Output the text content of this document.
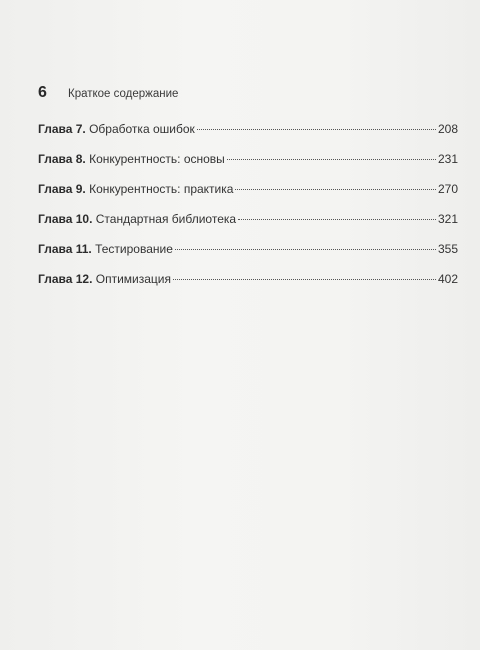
6	Краткое содержание
Глава 7. Обработка ошибок	208
Глава 8. Конкурентность: основы	231
Глава 9. Конкурентность: практика	270
Глава 10. Стандартная библиотека	321
Глава 11. Тестирование	355
Глава 12. Оптимизация	402
